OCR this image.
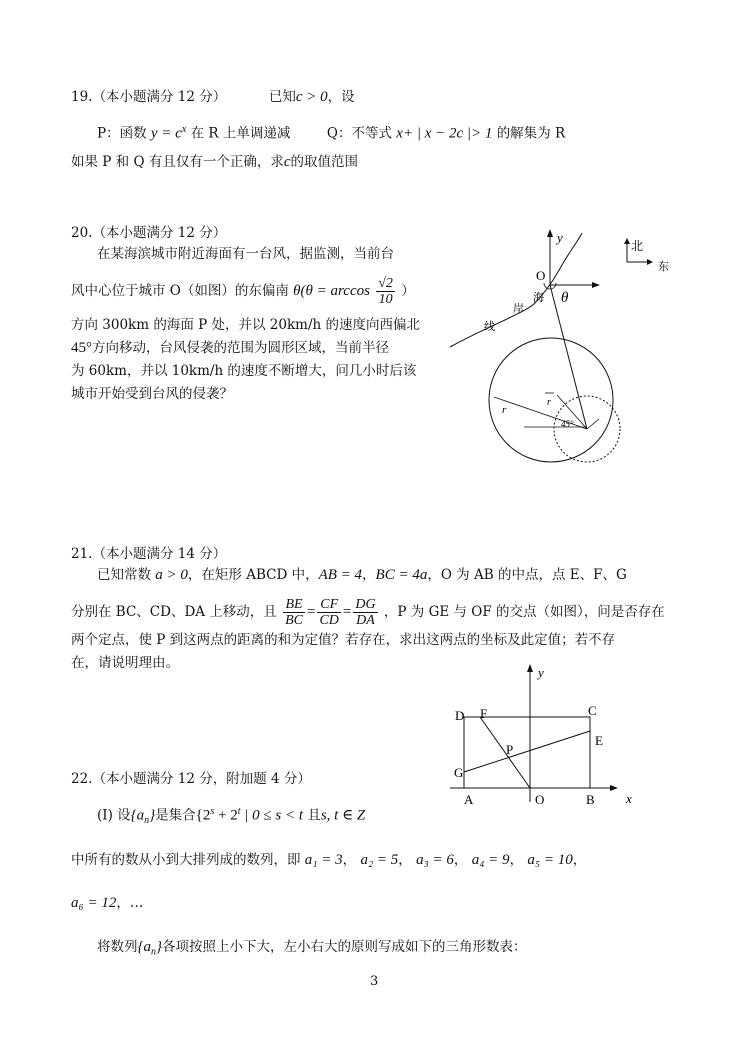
19.（本小题满分 12 分）	已知c > 0，设
P：函数 $y = c^x$ 在 R 上单调递减	Q：不等式 x+ | x − 2c |> 1 的解集为 R
如果 P 和 Q 有且仅有一个正确，求c的取值范围
20.（本小题满分 12 分）
在某海滨城市附近海面有一台风，据监测，当前台
风中心位于城市 O（如图）的东偏南 $\theta(\theta = \arccos \frac{√2}{10}$ ）
方向 300km 的海面 P 处，并以 20km/h 的速度向西偏北
45°方向移动，台风侵袭的范围为圆形区域，当前半径
为 60km，并以 10km/h 的速度不断增大，问几小时后该
城市开始受到台风的侵袭？
y
O
θ
北
东
海
岸
线
r
r
45°
21.（本小题满分 14 分）
已知常数 a > 0，在矩形 ABCD 中，AB = 4，BC = 4a，O 为 AB 的中点，点 E、F、G
分别在 BC、CD、DA 上移动，且 $\frac{BE}{BC} = \frac{CF}{CD} = \frac{DG}{DA}$ ，P 为 GE 与 OF 的交点（如图），问是否存在
两个定点，使 P 到这两点的距离的和为定值？若存在，求出这两点的坐标及此定值；若不存
在，请说明理由。
y
x
D F	C
E
P
G
A	O	B
22.（本小题满分 12 分，附加题 4 分）
(Ⅰ) 设$\{a_n\}$是集合{$2^s + 2^t$ | 0 ≤ s < t 且s, t ∈ Z
中所有的数从小到大排列成的数列，即 a₁ = 3， a₂ = 5， a₃ = 6， a₄ = 9， a₅ = 10，
a₆ = 12，…
将数列$\{a_n\}$各项按照上小下大，左小右大的原则写成如下的三角形数表：
3
